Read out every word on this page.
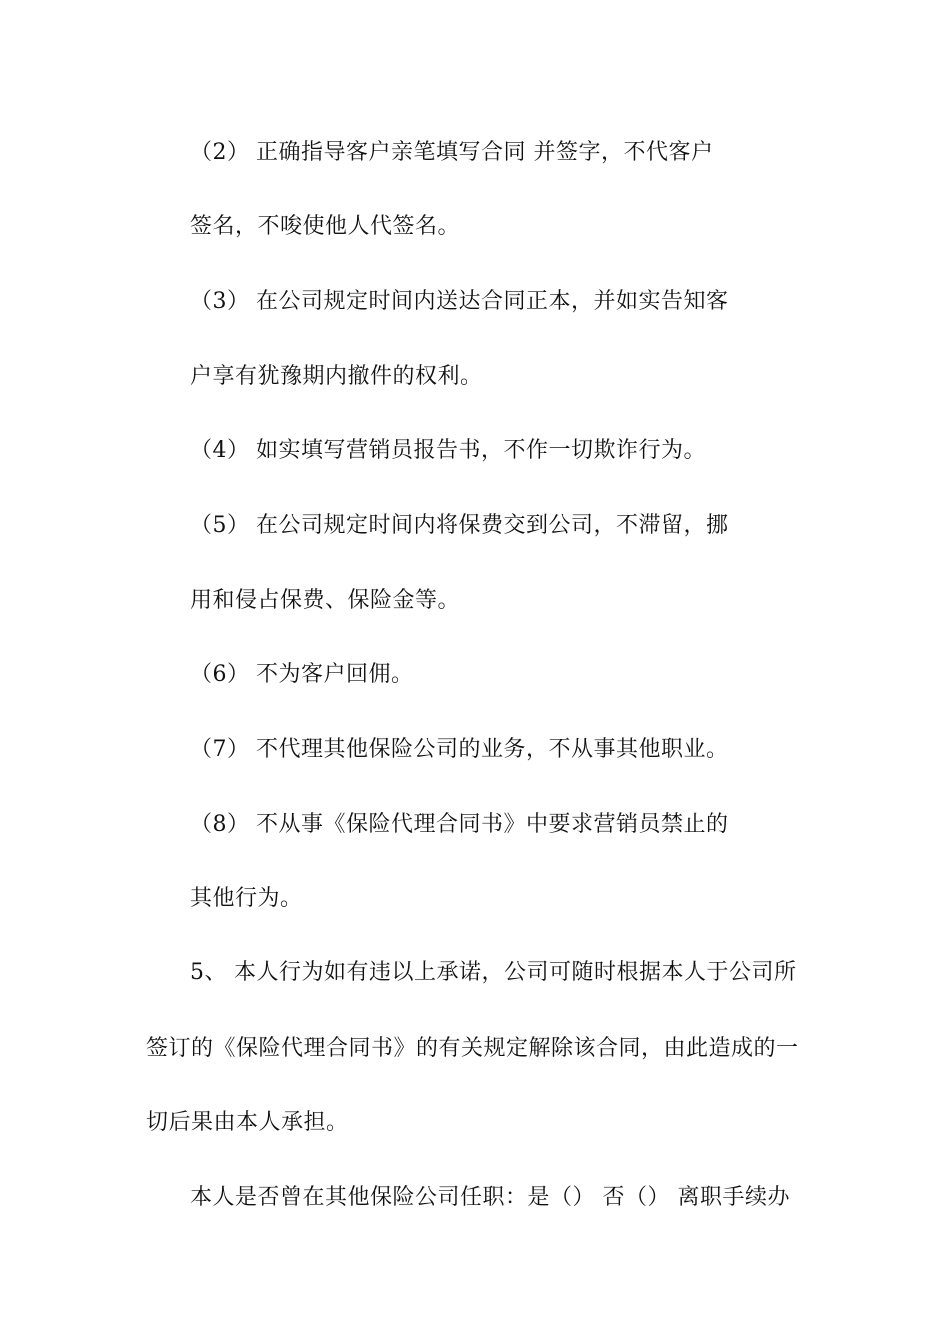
（2） 正确指导客户亲笔填写合同 并签字，不代客户
签名，不唆使他人代签名。
（3） 在公司规定时间内送达合同正本，并如实告知客
户享有犹豫期内撤件的权利。
（4） 如实填写营销员报告书，不作一切欺诈行为。
（5） 在公司规定时间内将保费交到公司，不滞留，挪
用和侵占保费、保险金等。
（6） 不为客户回佣。
（7） 不代理其他保险公司的业务，不从事其他职业。
（8） 不从事《保险代理合同书》中要求营销员禁止的
其他行为。
5、 本人行为如有违以上承诺，公司可随时根据本人于公司所
签订的《保险代理合同书》的有关规定解除该合同，由此造成的一
切后果由本人承担。
本人是否曾在其他保险公司任职：是（） 否（） 离职手续办
